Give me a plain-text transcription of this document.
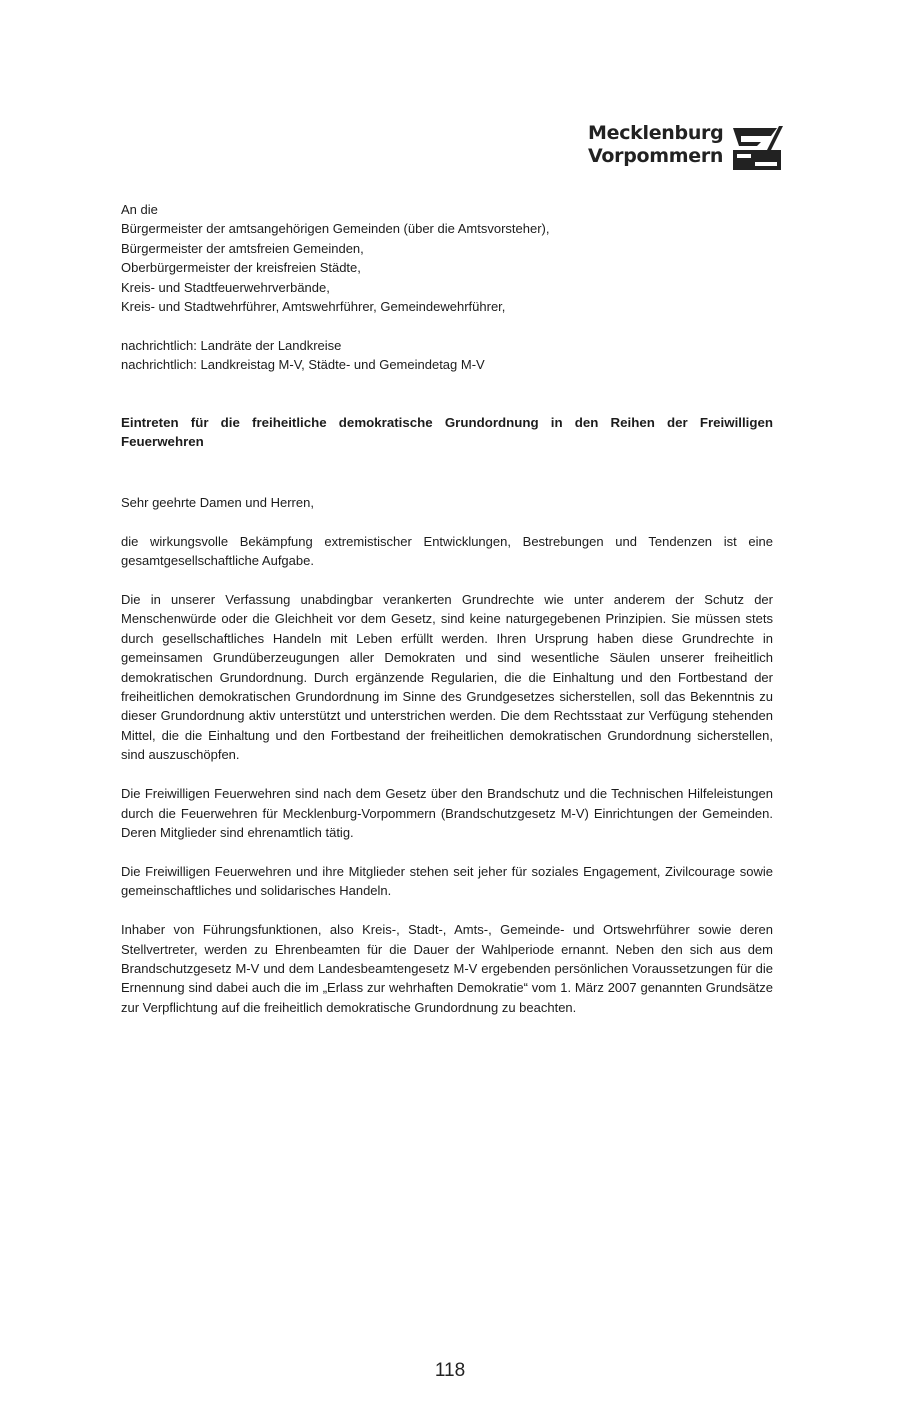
Mecklenburg
Vorpommern
An die
Bürgermeister der amtsangehörigen Gemeinden (über die Amtsvorsteher),
Bürgermeister der amtsfreien Gemeinden,
Oberbürgermeister der kreisfreien Städte,
Kreis- und Stadtfeuerwehrverbände,
Kreis- und Stadtwehrführer, Amtswehrführer, Gemeindewehrführer,
nachrichtlich: Landräte der Landkreise
nachrichtlich: Landkreistag M-V, Städte- und Gemeindetag M-V

Eintreten für die freiheitliche demokratische Grundordnung in den Reihen der Freiwilligen Feuerwehren

Sehr geehrte Damen und Herren,

die wirkungsvolle Bekämpfung extremistischer Entwicklungen, Bestrebungen und Tendenzen ist eine gesamtgesellschaftliche Aufgabe.

Die in unserer Verfassung unabdingbar verankerten Grundrechte wie unter anderem der Schutz der Menschenwürde oder die Gleichheit vor dem Gesetz, sind keine naturgegebenen Prinzipien. Sie müssen stets durch gesellschaftliches Handeln mit Leben erfüllt werden. Ihren Ursprung haben diese Grundrechte in gemeinsamen Grundüberzeugungen aller Demokraten und sind wesentliche Säulen unserer freiheitlich demokratischen Grundordnung. Durch ergänzende Regularien, die die Einhaltung und den Fortbestand der freiheitlichen demokratischen Grundordnung im Sinne des Grundgesetzes sicherstellen, soll das Bekenntnis zu dieser Grundordnung aktiv unterstützt und unterstrichen werden. Die dem Rechtsstaat zur Verfügung stehenden Mittel, die die Einhaltung und den Fortbestand der freiheitlichen demokratischen Grundordnung sicherstellen, sind auszuschöpfen.

Die Freiwilligen Feuerwehren sind nach dem Gesetz über den Brandschutz und die Technischen Hilfeleistungen durch die Feuerwehren für Mecklenburg-Vorpommern (Brandschutzgesetz M-V) Einrichtungen der Gemeinden. Deren Mitglieder sind ehrenamtlich tätig.

Die Freiwilligen Feuerwehren und ihre Mitglieder stehen seit jeher für soziales Engagement, Zivilcourage sowie gemeinschaftliches und solidarisches Handeln.

Inhaber von Führungsfunktionen, also Kreis-, Stadt-, Amts-, Gemeinde- und Ortswehrführer sowie deren Stellvertreter, werden zu Ehrenbeamten für die Dauer der Wahlperiode ernannt. Neben den sich aus dem Brandschutzgesetz M-V und dem Landesbeamtengesetz M-V ergebenden persönlichen Voraussetzungen für die Ernennung sind dabei auch die im „Erlass zur wehrhaften Demokratie“ vom 1. März 2007 genannten Grundsätze zur Verpflichtung auf die freiheitlich demokratische Grundordnung zu beachten.

118
